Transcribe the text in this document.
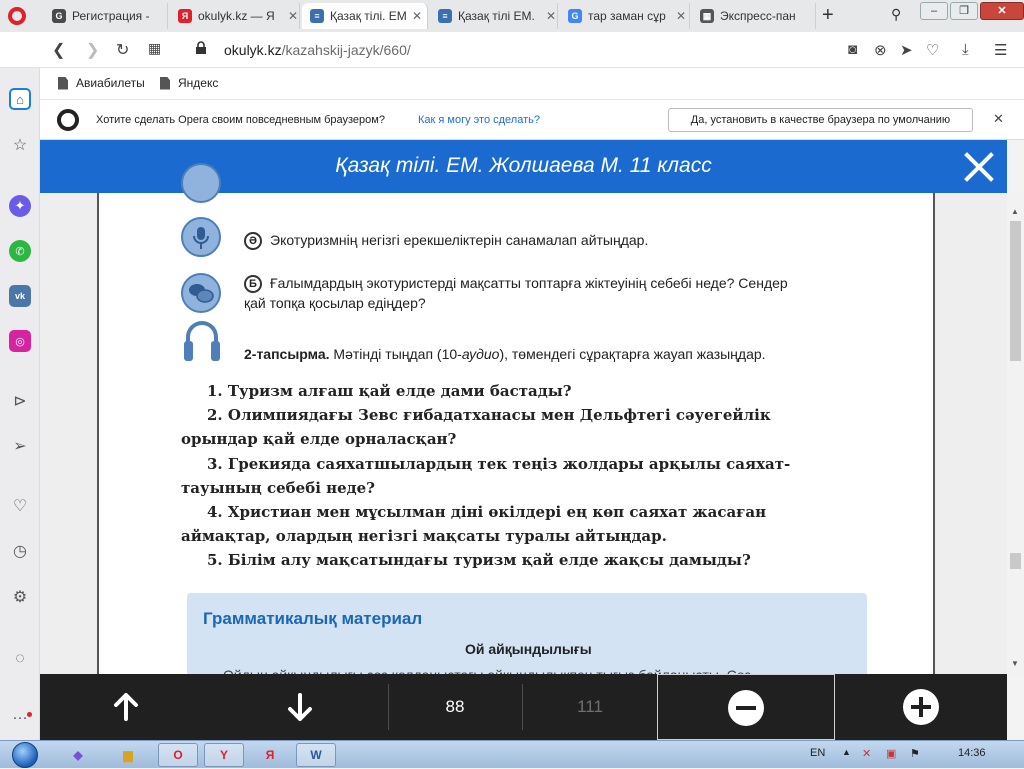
G Регистрация -	Я okulyk.kz — Я	✕	≡ Қазақ тілі. ЕМ ✕	≡ Қазақ тілі ЕМ. ✕	G тар заман сұр ✕	▦ Экспресс-пан	+	⚲	–	❐	✕
❮ ❯ ↻ ▦	okulyk.kz/kazahskij-jazyk/660/	◙ ⊗ ➤ ♡ ⤓ ☰
⌂
☆
✦
✆
vk
◎
⊳
➢
♡
◷
⚙
◌
…
Авиабилеты	Яндекс
Хотите сделать Opera своим повседневным браузером?	Как я могу это сделать?	Да, установить в качестве браузера по умолчанию	✕
Қазақ тілі. ЕМ. Жолшаева М. 11 класс
Ә Экотуризмнің негізгі ерекшеліктерін санамалап айтыңдар.
Б Ғалымдардың экотуристерді мақсатты топтарға жіктеуінің себебі неде? Сендер
қай топқа қосылар едіңдер?
2-тапсырма. Мәтінді тыңдап (10-аудио), төмендегі сұрақтарға жауап жазыңдар.
1. Туризм алғаш қай елде дами бастады?
2. Олимпиядағы Зевс ғибадатханасы мен Дельфтегі сәуегейлік
орындар қай елде орналасқан?
3. Грекияда саяхатшылардың тек теңіз жолдары арқылы саяхат-
тауының себебі неде?
4. Христиан мен мұсылман діні өкілдері ең көп саяхат жасаған
аймақтар, олардың негізгі мақсаты туралы айтыңдар.
5. Білім алу мақсатындағы туризм қай елде жақсы дамыды?
Грамматикалық материал
Ой айқындылығы
▲
▼
88	111
◆	▆	O	Y	Я	W	EN ▲ ✕ ▣ ⚑	14:36
